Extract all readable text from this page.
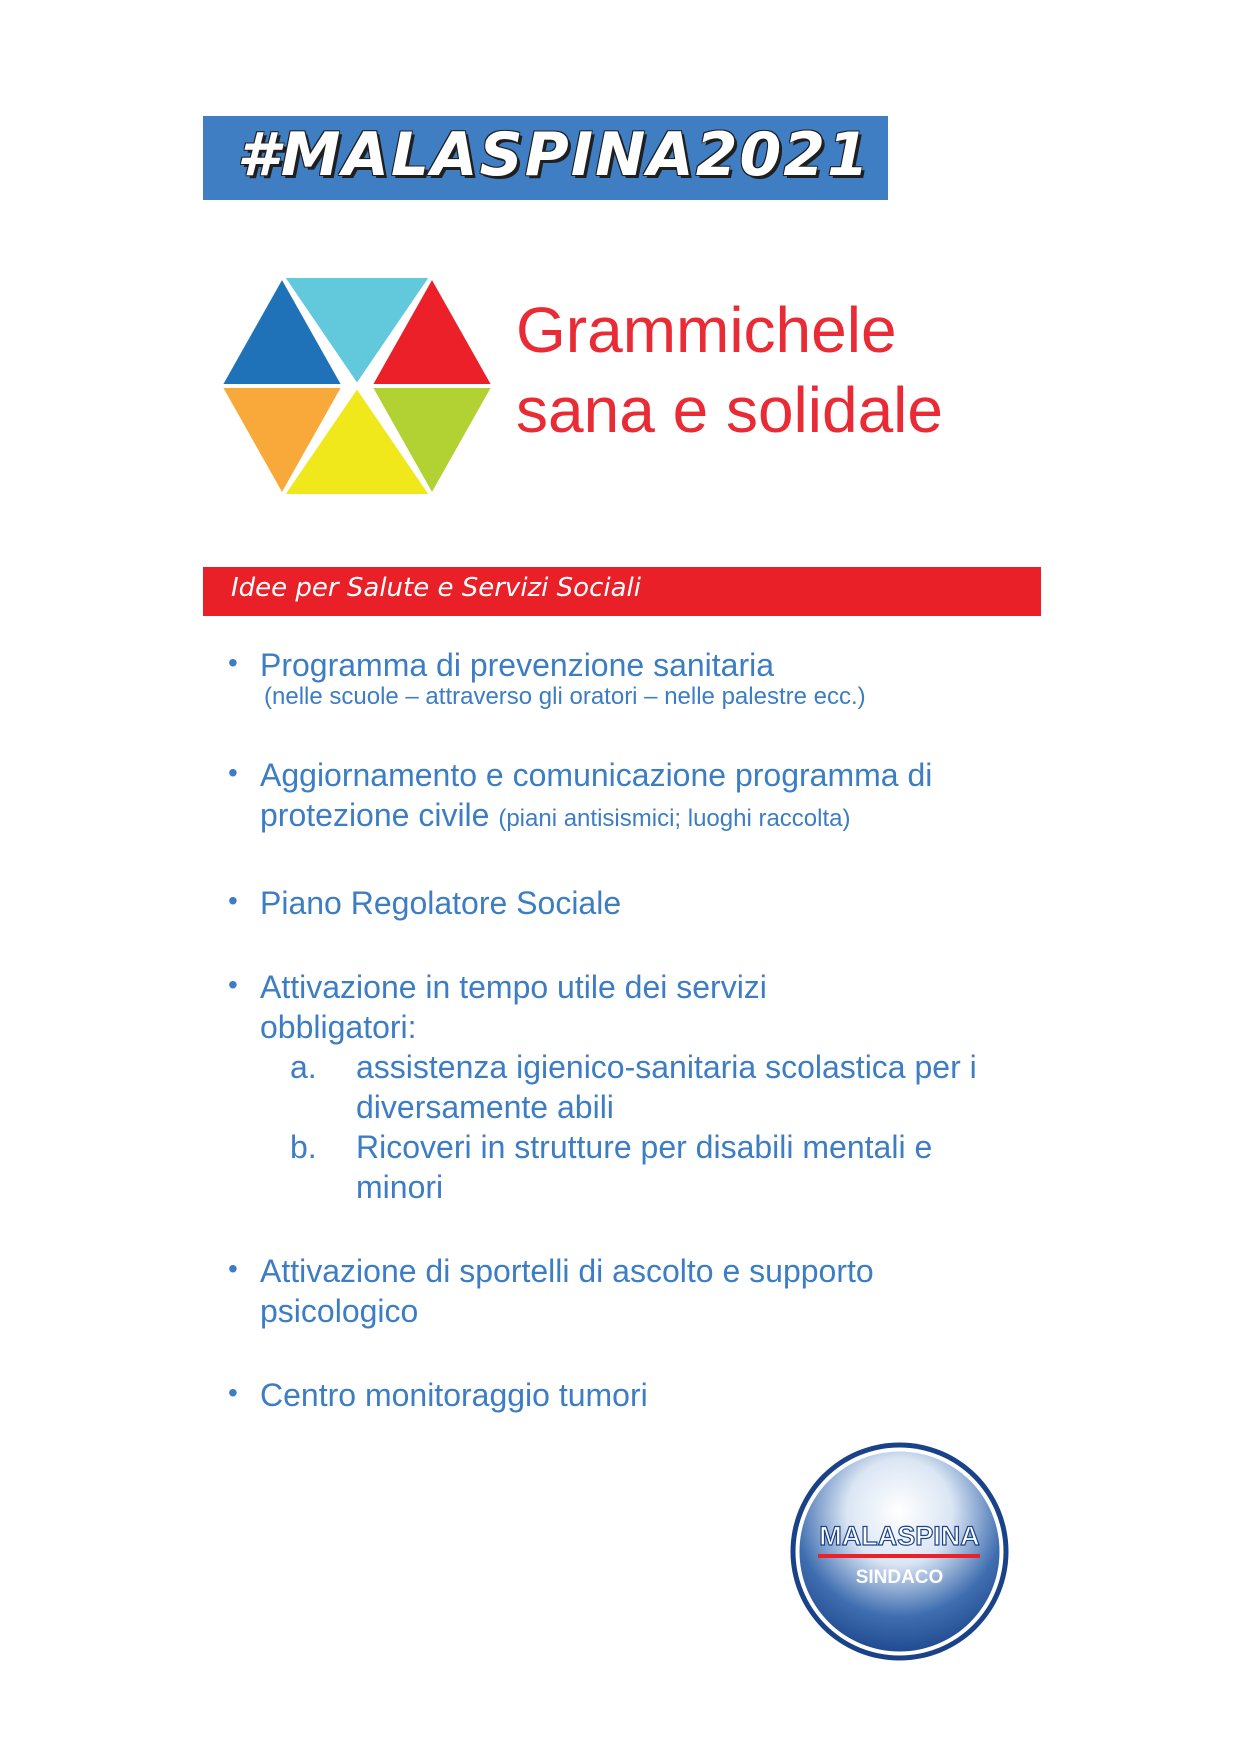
#MALASPINA2021
Grammichele
sana e solidale
Idee per Salute e Servizi Sociali
• Programma di prevenzione sanitaria
(nelle scuole – attraverso gli oratori – nelle palestre ecc.)
• Aggiornamento e comunicazione programma di protezione civile (piani antisismici; luoghi raccolta)
• Piano Regolatore Sociale
• Attivazione in tempo utile dei servizi obbligatori:
a. assistenza igienico-sanitaria scolastica per i diversamente abili
b. Ricoveri in strutture per disabili mentali e minori
• Attivazione di sportelli di ascolto e supporto psicologico
• Centro monitoraggio tumori
MALASPINA
SINDACO
